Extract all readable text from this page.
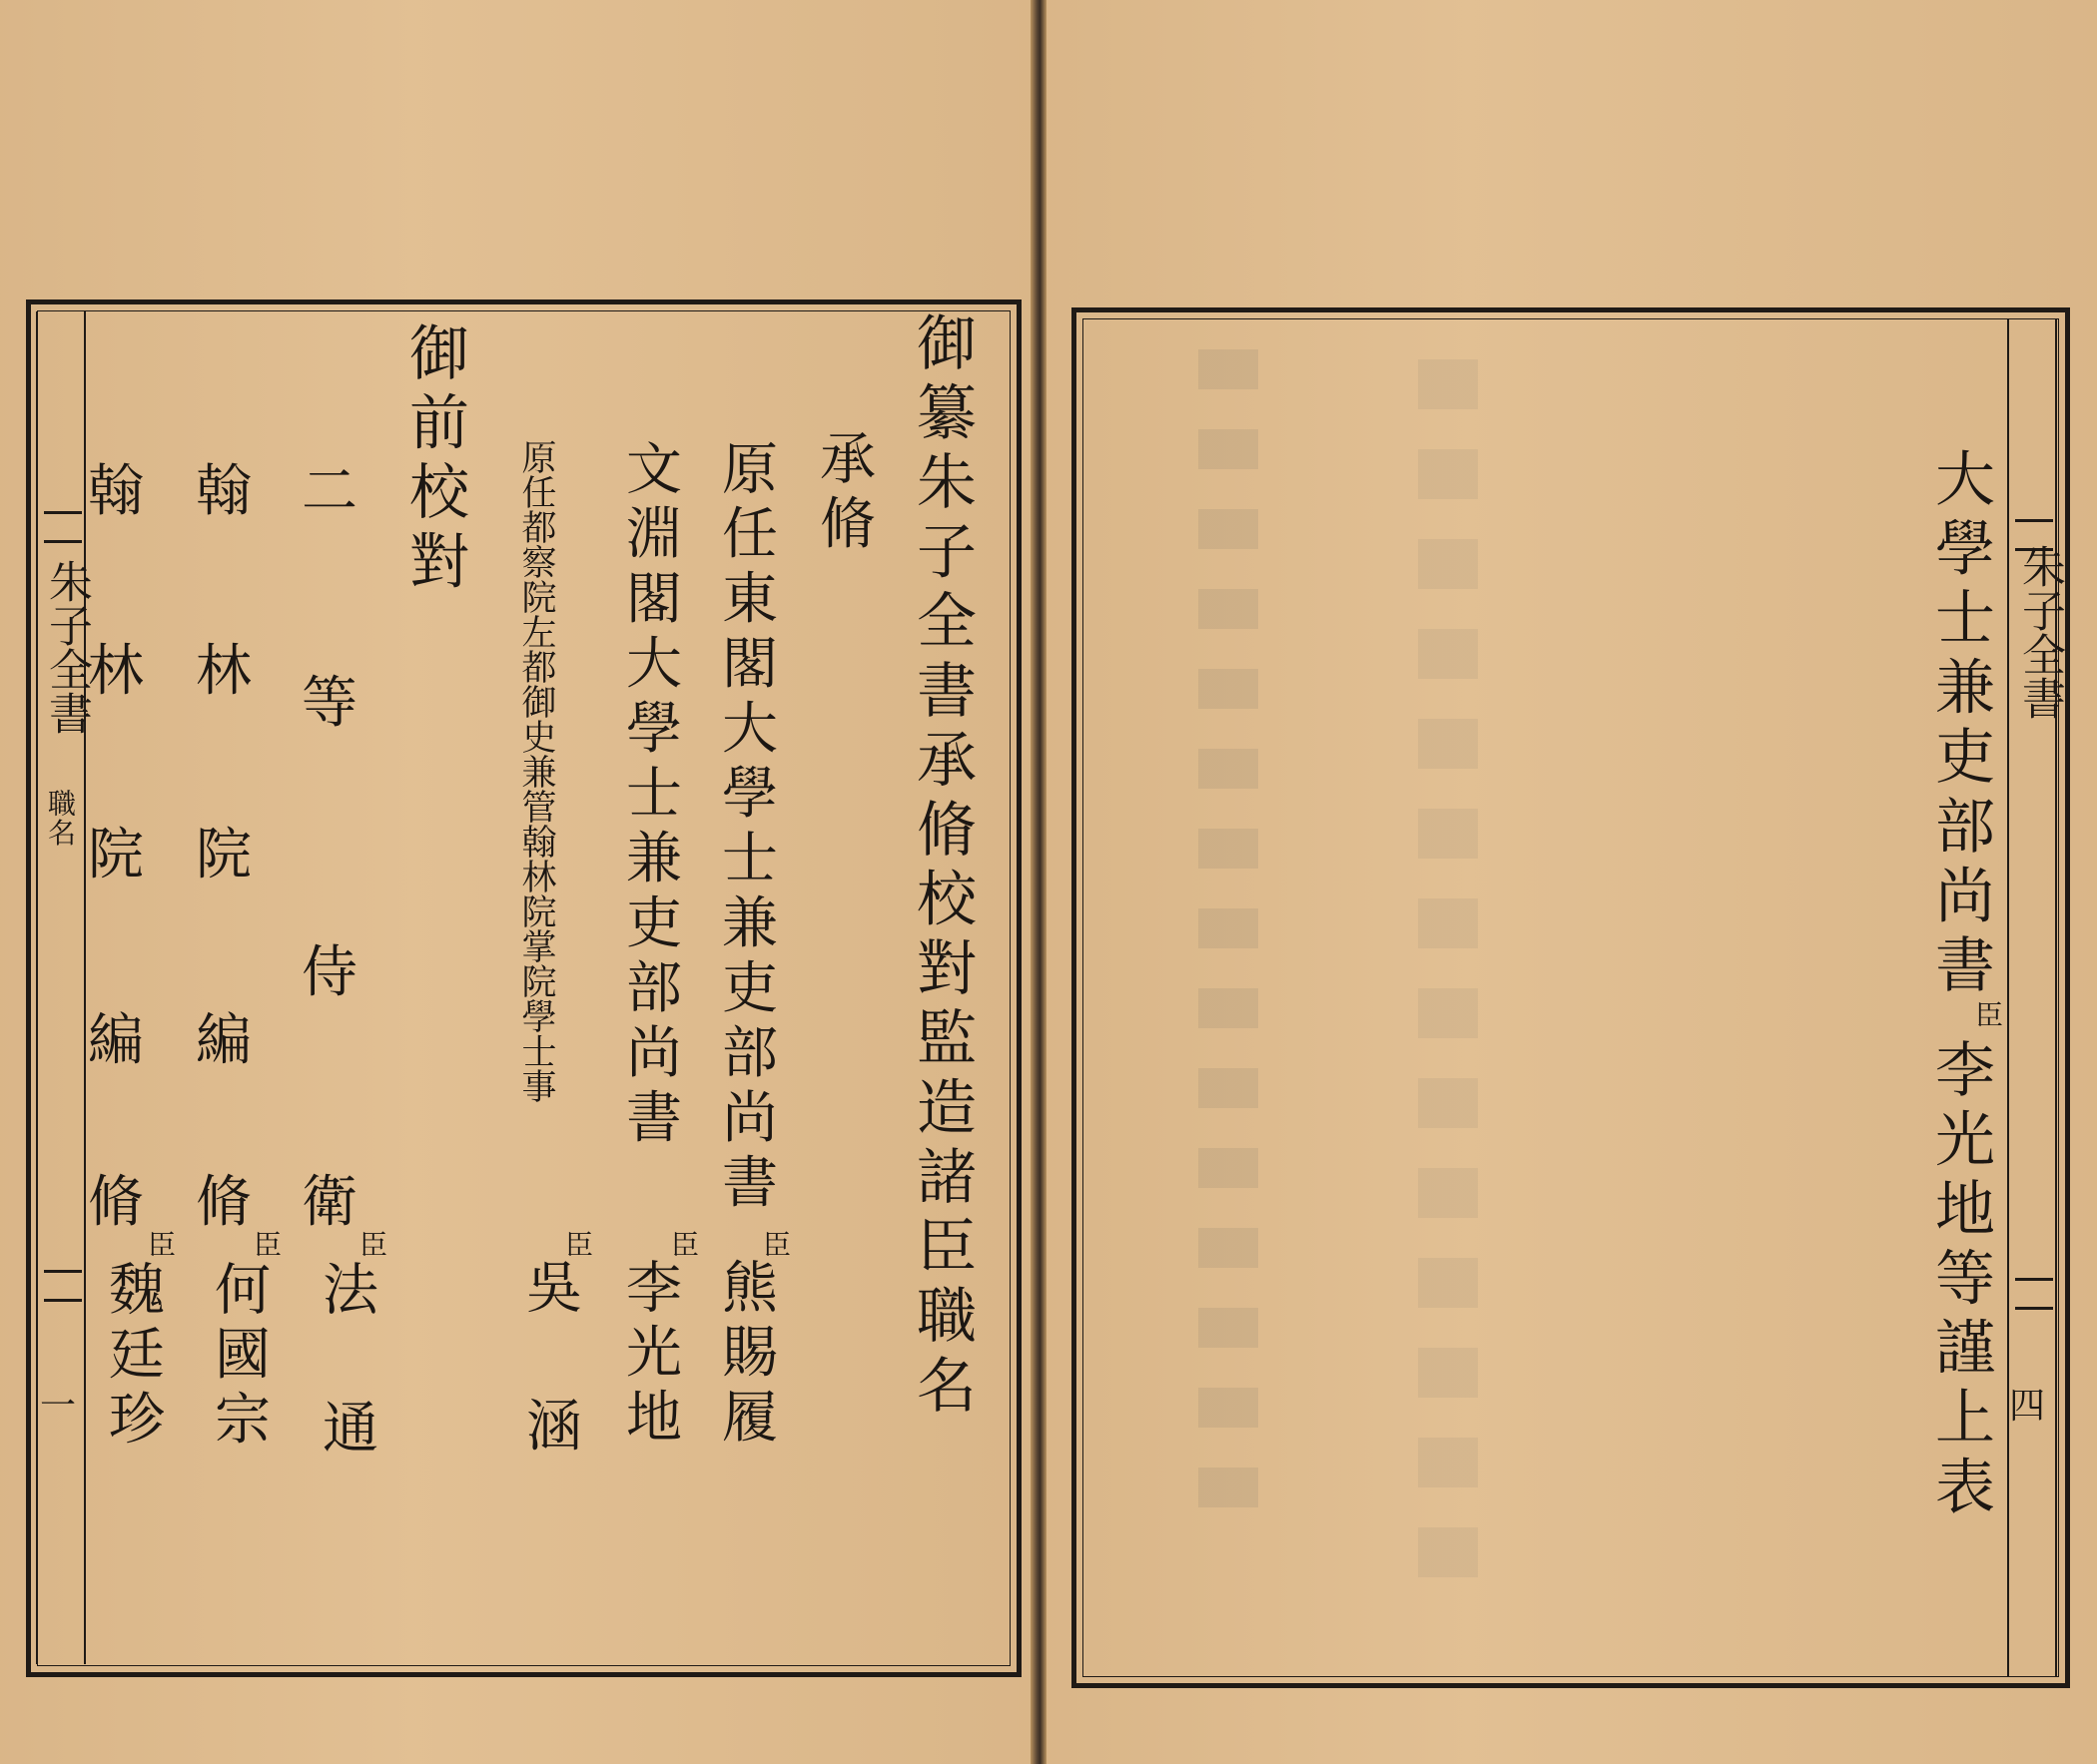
朱子全書
職名
一	御纂朱子全書承脩校對監造諸臣職名
承脩
原任東閣大學士兼吏部尚書
臣
熊賜履
文淵閣大學士兼吏部尚書
臣
李光地
原任都察院左都御史兼管翰林院掌院學士事
臣
吳 涵
御前校對
二
等
侍
衛
臣
法 通
翰
林
院
編
脩
臣
何國宗
翰
林
院
編
脩
臣
魏廷珍
朱子全書
四
大學士兼吏部尚書
臣
李光地等謹上表
